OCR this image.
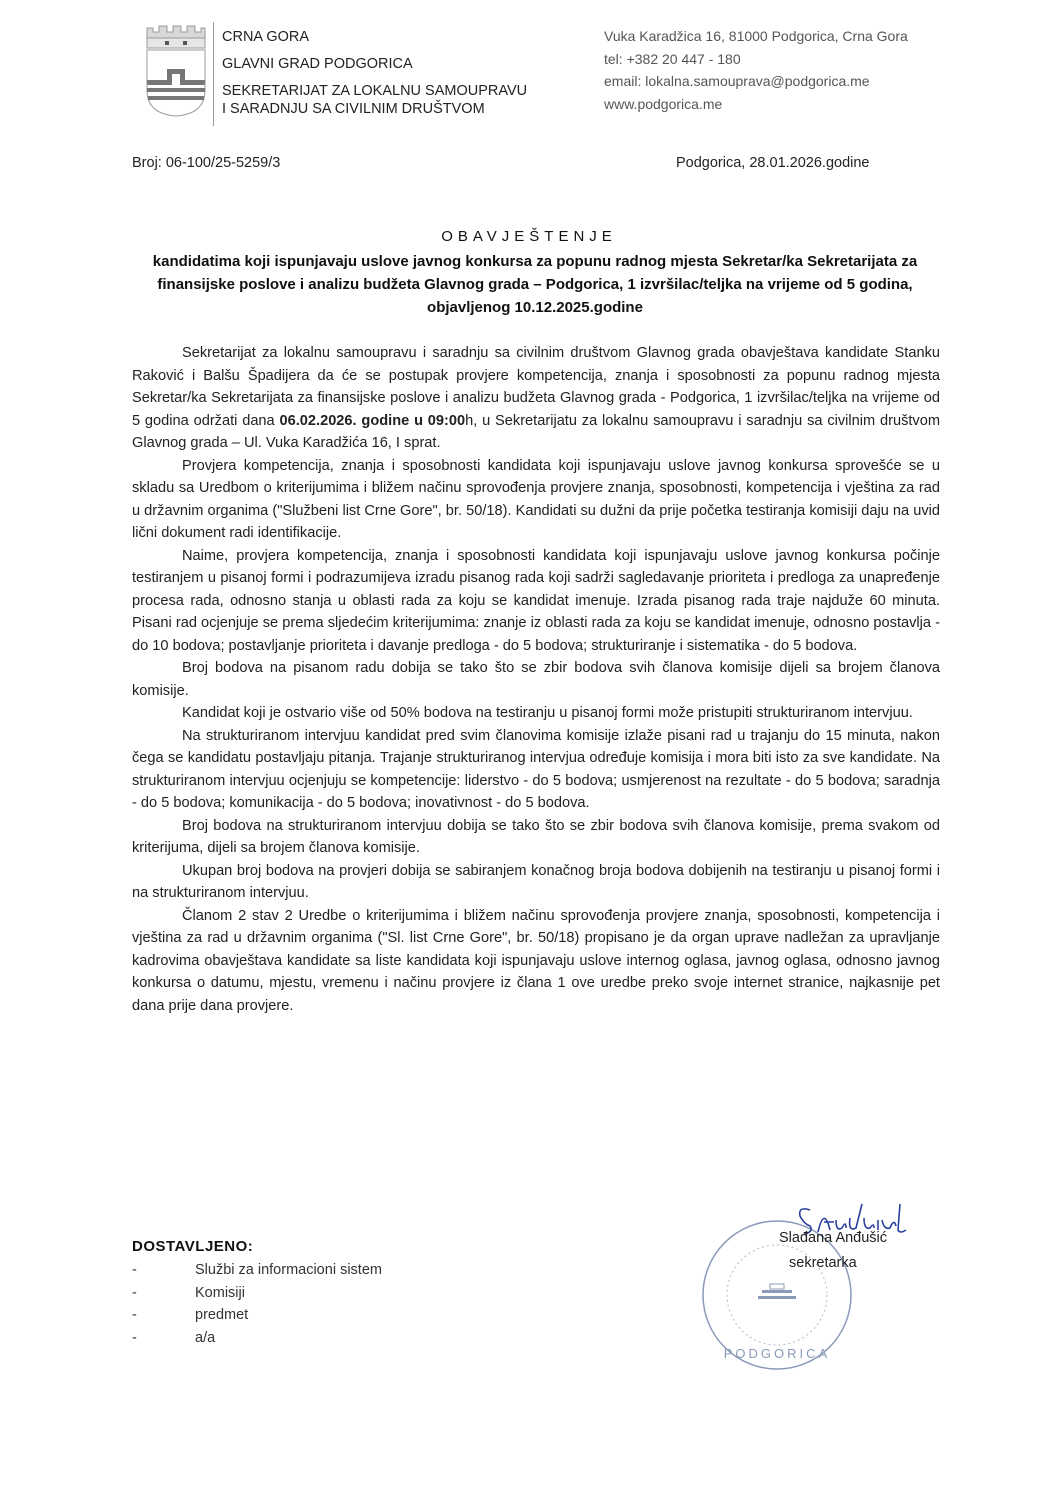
CRNA GORA
GLAVNI GRAD PODGORICA
SEKRETARIJAT ZA LOKALNU SAMOUPRAVU
I SARADNJU SA CIVILNIM DRUŠTVOM
Vuka Karadžica 16, 81000 Podgorica, Crna Gora
tel: +382 20 447 - 180
email: lokalna.samouprava@podgorica.me
www.podgorica.me
Broj: 06-100/25-5259/3	Podgorica, 28.01.2026.godine
OBAVJEŠTENJE
kandidatima koji ispunjavaju uslove javnog konkursa za popunu radnog mjesta Sekretar/ka Sekretarijata za finansijske poslove i analizu budžeta Glavnog grada – Podgorica, 1 izvršilac/teljka na vrijeme od 5 godina, objavljenog 10.12.2025.godine

Sekretarijat za lokalnu samoupravu i saradnju sa civilnim društvom Glavnog grada obavještava kandidate Stanku Raković i Balšu Špadijera da će se postupak provjere kompetencija, znanja i sposobnosti za popunu radnog mjesta Sekretar/ka Sekretarijata za finansijske poslove i analizu budžeta Glavnog grada - Podgorica, 1 izvršilac/teljka na vrijeme od 5 godina održati dana 06.02.2026. godine u 09:00h, u Sekretarijatu za lokalnu samoupravu i saradnju sa civilnim društvom Glavnog grada – Ul. Vuka Karadžića 16, I sprat.

Provjera kompetencija, znanja i sposobnosti kandidata koji ispunjavaju uslove javnog konkursa sprovešće se u skladu sa Uredbom o kriterijumima i bližem načinu sprovođenja provjere znanja, sposobnosti, kompetencija i vještina za rad u državnim organima ("Službeni list Crne Gore", br. 50/18). Kandidati su dužni da prije početka testiranja komisiji daju na uvid lični dokument radi identifikacije.

Naime, provjera kompetencija, znanja i sposobnosti kandidata koji ispunjavaju uslove javnog konkursa počinje testiranjem u pisanoj formi i podrazumijeva izradu pisanog rada koji sadrži sagledavanje prioriteta i predloga za unapređenje procesa rada, odnosno stanja u oblasti rada za koju se kandidat imenuje. Izrada pisanog rada traje najduže 60 minuta. Pisani rad ocjenjuje se prema sljedećim kriterijumima: znanje iz oblasti rada za koju se kandidat imenuje, odnosno postavlja - do 10 bodova; postavljanje prioriteta i davanje predloga - do 5 bodova; strukturiranje i sistematika - do 5 bodova.

Broj bodova na pisanom radu dobija se tako što se zbir bodova svih članova komisije dijeli sa brojem članova komisije.

Kandidat koji je ostvario više od 50% bodova na testiranju u pisanoj formi može pristupiti strukturiranom intervjuu.

Na strukturiranom intervjuu kandidat pred svim članovima komisije izlaže pisani rad u trajanju do 15 minuta, nakon čega se kandidatu postavljaju pitanja. Trajanje strukturiranog intervjua određuje komisija i mora biti isto za sve kandidate. Na strukturiranom intervjuu ocjenjuju se kompetencije: liderstvo - do 5 bodova; usmjerenost na rezultate - do 5 bodova; saradnja - do 5 bodova; komunikacija - do 5 bodova; inovativnost - do 5 bodova.

Broj bodova na strukturiranom intervjuu dobija se tako što se zbir bodova svih članova komisije, prema svakom od kriterijuma, dijeli sa brojem članova komisije.

Ukupan broj bodova na provjeri dobija se sabiranjem konačnog broja bodova dobijenih na testiranju u pisanoj formi i na strukturiranom intervjuu.

Članom 2 stav 2 Uredbe o kriterijumima i bližem načinu sprovođenja provjere znanja, sposobnosti, kompetencija i vještina za rad u državnim organima ("Sl. list Crne Gore", br. 50/18) propisano je da organ uprave nadležan za upravljanje kadrovima obavještava kandidate sa liste kandidata koji ispunjavaju uslove internog oglasa, javnog oglasa, odnosno javnog konkursa o datumu, mjestu, vremenu i načinu provjere iz člana 1 ove uredbe preko svoje internet stranice, najkasnije pet dana prije dana provjere.

DOSTAVLJENO:
-	Službi za informacioni sistem
-	Komisiji
-	predmet
-	a/a
PODGORICA
Slađana Anđušić
sekretarka
